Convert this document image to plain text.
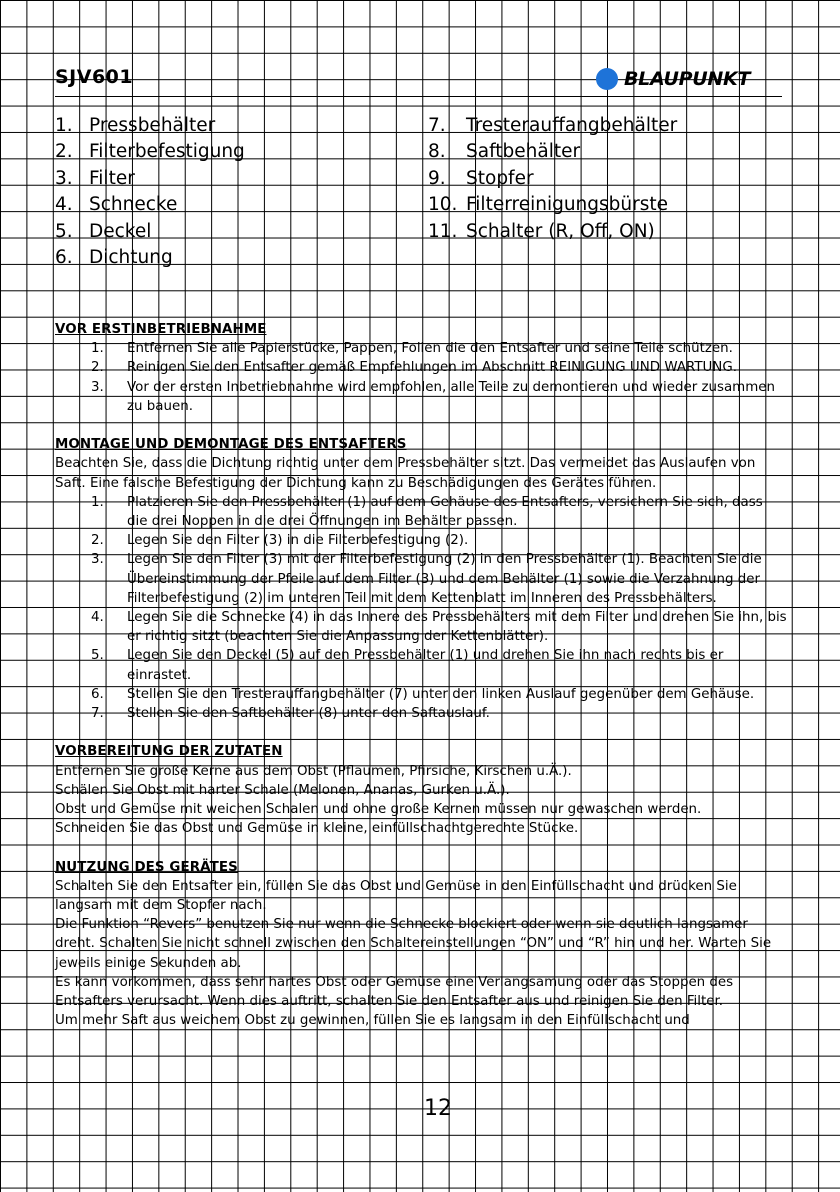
SJV601	BLAUPUNKT
1. Pressbehälter
2. Filterbefestigung
3. Filter
4. Schnecke
5. Deckel
6. Dichtung
7.	Tresterauffangbehälter
8.	Saftbehälter
9.	Stopfer
10. Filterreinigungsbürste
11. Schalter (R, Off, ON)
VOR ERSTINBETRIEBNAHME
1.	Entfernen Sie alle Papierstücke, Pappen, Folien die den Entsafter und seine Teile schützen.
2.	Reinigen Sie den Entsafter gemäß Empfehlungen im Abschnitt REINIGUNG UND WARTUNG.
3.	Vor der ersten Inbetriebnahme wird empfohlen, alle Teile zu demontieren und wieder zusammen zu bauen.
MONTAGE UND DEMONTAGE DES ENTSAFTERS

Beachten Sie, dass die Dichtung richtig unter dem Pressbehälter sitzt. Das vermeidet das Auslaufen von Saft. Eine falsche Befestigung der Dichtung kann zu Beschädigungen des Gerätes führen.

1.	Platzieren Sie den Pressbehälter (1) auf dem Gehäuse des Entsafters, versichern Sie sich, dass die drei Noppen in die drei Öffnungen im Behälter passen.
2.	Legen Sie den Filter (3) in die Filterbefestigung (2).
3.	Legen Sie den Filter (3) mit der Filterbefestigung (2) in den Pressbehälter (1). Beachten Sie die Übereinstimmung der Pfeile auf dem Filter (3) und dem Behälter (1) sowie die Verzahnung der Filterbefestigung (2) im unteren Teil mit dem Kettenblatt im Inneren des Pressbehälters.
4.	Legen Sie die Schnecke (4) in das Innere des Pressbehälters mit dem Filter und drehen Sie ihn, bis er richtig sitzt (beachten Sie die Anpassung der Kettenblätter).
5.	Legen Sie den Deckel (5) auf den Pressbehälter (1) und drehen Sie ihn nach rechts bis er einrastet.
6.	Stellen Sie den Tresterauffangbehälter (7) unter den linken Auslauf gegenüber dem Gehäuse.
7.	Stellen Sie den Saftbehälter (8) unter den Saftauslauf.
VORBEREITUNG DER ZUTATEN

Entfernen Sie große Kerne aus dem Obst (Pflaumen, Pfirsiche, Kirschen u.Ä.).

Schälen Sie Obst mit harter Schale (Melonen, Ananas, Gurken u.Ä.).

Obst und Gemüse mit weichen Schalen und ohne große Kernen müssen nur gewaschen werden.

Schneiden Sie das Obst und Gemüse in kleine, einfüllschachtgerechte Stücke.

NUTZUNG DES GERÄTES

Schalten Sie den Entsafter ein, füllen Sie das Obst und Gemüse in den Einfüllschacht und drücken Sie langsam mit dem Stopfer nach.

Die Funktion “Revers” benutzen Sie nur wenn die Schnecke blockiert oder wenn sie deutlich langsamer dreht. Schalten Sie nicht schnell zwischen den Schaltereinstellungen “ON” und “R” hin und her. Warten Sie jeweils einige Sekunden ab.

Es kann vorkommen, dass sehr hartes Obst oder Gemüse eine Verlangsamung oder das Stoppen des Entsafters verursacht. Wenn dies auftritt, schalten Sie den Entsafter aus und reinigen Sie den Filter.

Um mehr Saft aus weichem Obst zu gewinnen, füllen Sie es langsam in den Einfüllschacht und

12
